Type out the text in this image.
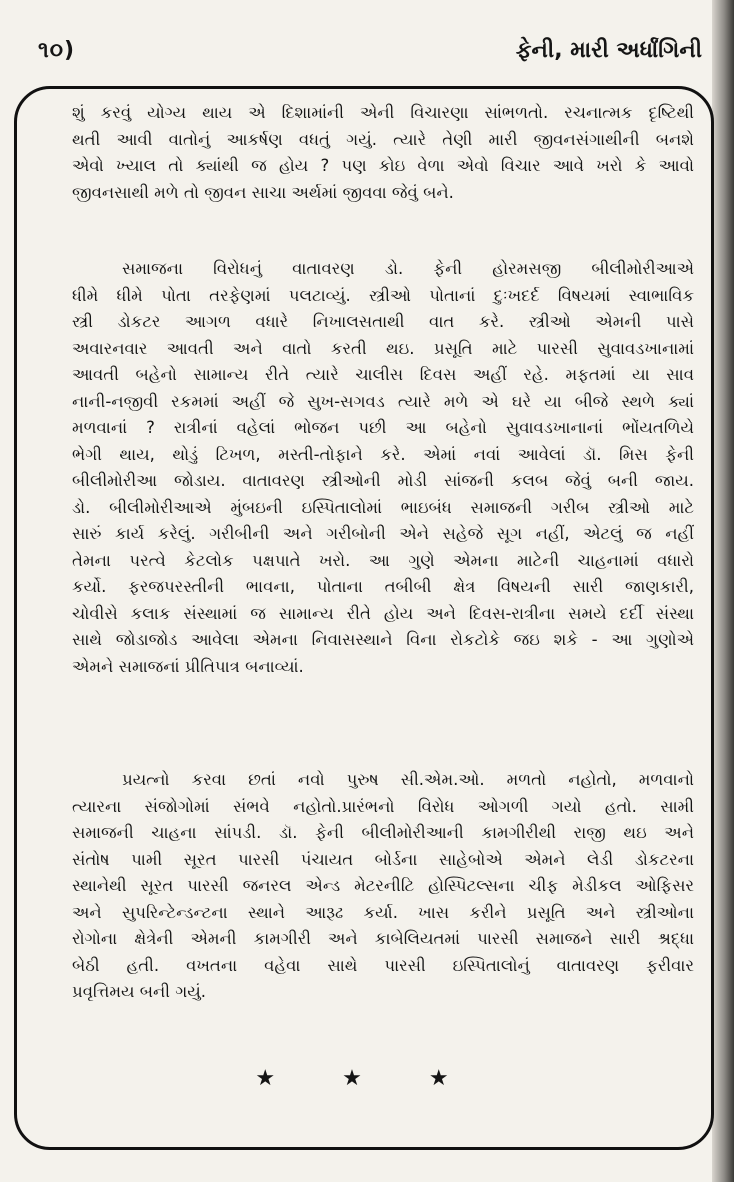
૧૦)	ફેની, મારી અર્ધાંગિની
શું કરવું યોગ્ય થાય એ દિશામાંની એની વિચારણા સાંભળતો. રચનાત્મક દૃષ્ટિથી
થતી આવી વાતોનું આકર્ષણ વધતું ગયું. ત્યારે તેણી મારી જીવનસંગાથીની બનશે
એવો ખ્યાલ તો ક્યાંથી જ હોય ? પણ કોઇ વેળા એવો વિચાર આવે ખરો કે આવો
જીવનસાથી મળે તો જીવન સાચા અર્થમાં જીવવા જેવું બને.
સમાજના વિરોધનું વાતાવરણ ડો. ફેની હોરમસજી બીલીમોરીઆએ
ધીમે ધીમે પોતા તરફેણમાં પલટાવ્યું. સ્ત્રીઓ પોતાનાં દુઃખદર્દ વિષયમાં સ્વાભાવિક
સ્ત્રી ડોકટર આગળ વધારે નિખાલસતાથી વાત કરે. સ્ત્રીઓ એમની પાસે
અવારનવાર આવતી અને વાતો કરતી થઇ. પ્રસૂતિ માટે પારસી સુવાવડખાનામાં
આવતી બહેનો સામાન્ય રીતે ત્યારે ચાલીસ દિવસ અહીં રહે. મફતમાં યા સાવ
નાની-નજીવી રકમમાં અહીં જે સુખ-સગવડ ત્યારે મળે એ ઘરે યા બીજે સ્થળે ક્યાં
મળવાનાં ? રાત્રીનાં વહેલાં ભોજન પછી આ બહેનો સુવાવડખાનાનાં ભોંયતળિયે
ભેગી થાય, થોડું ટિખળ, મસ્તી-તોફાને કરે. એમાં નવાં આવેલાં ડૉ. મિસ ફેની
બીલીમોરીઆ જોડાય. વાતાવરણ સ્ત્રીઓની મોડી સાંજની કલબ જેવું બની જાય.
ડો. બીલીમોરીઆએ મુંબઇની ઇસ્પિતાલોમાં ભાઇબંધ સમાજની ગરીબ સ્ત્રીઓ માટે
સારું કાર્ય કરેલું. ગરીબીની અને ગરીબોની એને સહેજે સૂગ નહીં, એટલું જ નહીં
તેમના પરત્વે કેટલોક પક્ષપાતે ખરો. આ ગુણે એમના માટેની ચાહનામાં વધારો
કર્યો. ફરજપરસ્તીની ભાવના, પોતાના તબીબી ક્ષેત્ર વિષયની સારી જાણકારી,
ચોવીસે કલાક સંસ્થામાં જ સામાન્ય રીતે હોય અને દિવસ-રાત્રીના સમયે દર્દી સંસ્થા
સાથે જોડાજોડ આવેલા એમના નિવાસસ્થાને વિના રોકટોકે જઇ શકે - આ ગુણોએ
એમને સમાજનાં પ્રીતિપાત્ર બનાવ્યાં.
પ્રયત્નો કરવા છતાં નવો પુરુષ સી.એમ.ઓ. મળતો નહોતો, મળવાનો
ત્યારના સંજોગોમાં સંભવે નહોતો.પ્રારંભનો વિરોધ ઓગળી ગયો હતો. સામી
સમાજની ચાહના સાંપડી. ડૉ. ફેની બીલીમોરીઆની કામગીરીથી રાજી થઇ અને
સંતોષ પામી સૂરત પારસી પંચાયત બોર્ડના સાહેબોએ એમને લેડી ડોકટરના
સ્થાનેથી સૂરત પારસી જનરલ એન્ડ મેટરનીટિ હોસ્પિટલ્સના ચીફ મેડીકલ ઓફિસર
અને સુપરિન્ટેન્ડન્ટના સ્થાને આરૂઢ કર્યા. ખાસ કરીને પ્રસૂતિ અને સ્ત્રીઓના
રોગોના ક્ષેત્રેની એમની કામગીરી અને કાબેલિયતમાં પારસી સમાજને સારી શ્રદ્ધા
બેઠી હતી. વખતના વહેવા સાથે પારસી ઇસ્પિતાલોનું વાતાવરણ ફરીવાર
પ્રવૃત્તિમય બની ગયું.
★ ★ ★
